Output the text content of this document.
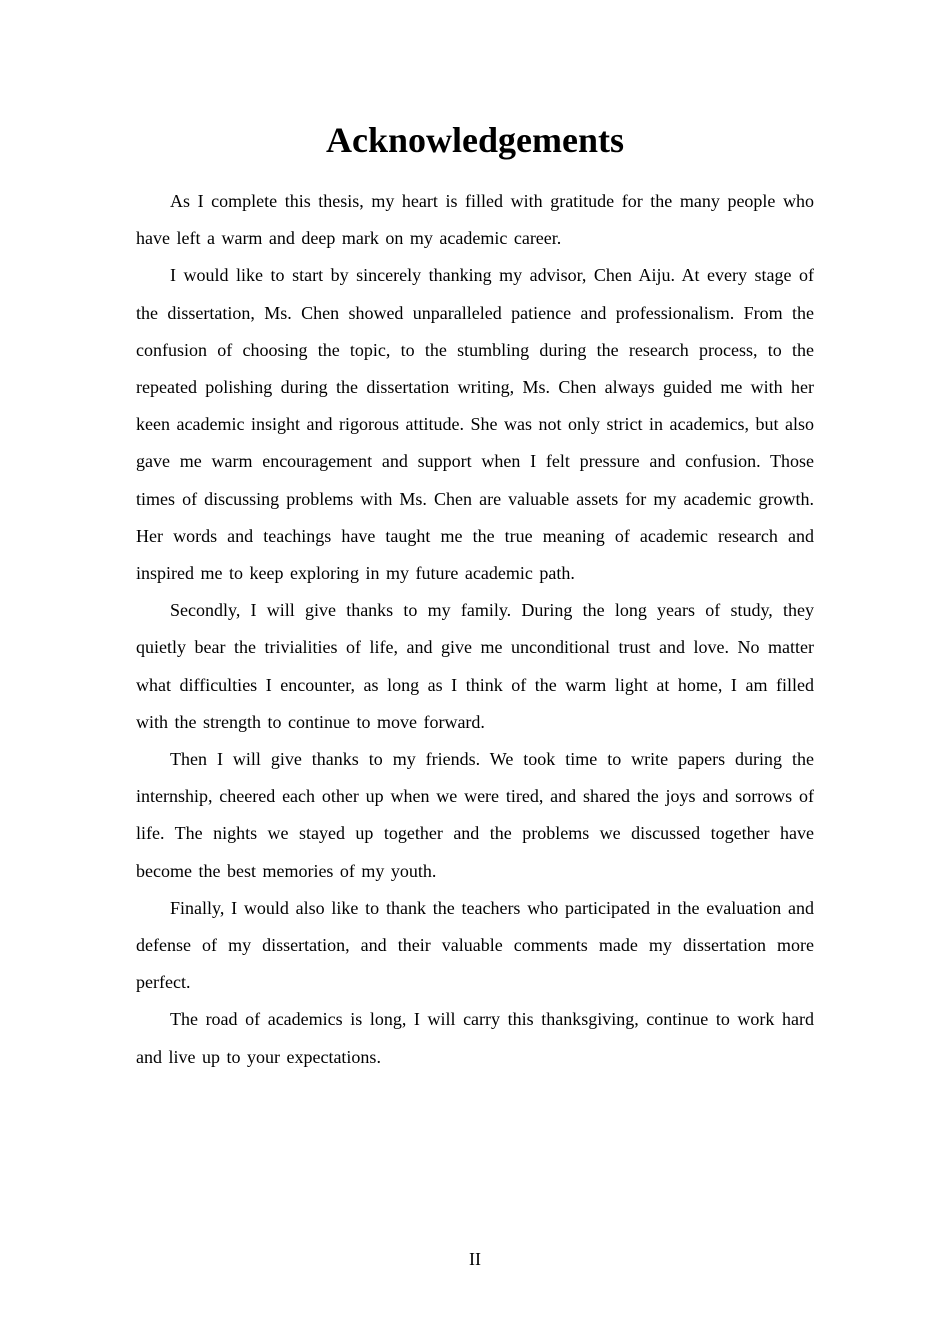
Acknowledgements

As I complete this thesis, my heart is filled with gratitude for the many people who have left a warm and deep mark on my academic career.

I would like to start by sincerely thanking my advisor, Chen Aiju. At every stage of the dissertation, Ms. Chen showed unparalleled patience and professionalism. From the confusion of choosing the topic, to the stumbling during the research process, to the repeated polishing during the dissertation writing, Ms. Chen always guided me with her keen academic insight and rigorous attitude. She was not only strict in academics, but also gave me warm encouragement and support when I felt pressure and confusion. Those times of discussing problems with Ms. Chen are valuable assets for my academic growth. Her words and teachings have taught me the true meaning of academic research and inspired me to keep exploring in my future academic path.

Secondly, I will give thanks to my family. During the long years of study, they quietly bear the trivialities of life, and give me unconditional trust and love. No matter what difficulties I encounter, as long as I think of the warm light at home, I am filled with the strength to continue to move forward.

Then I will give thanks to my friends. We took time to write papers during the internship, cheered each other up when we were tired, and shared the joys and sorrows of life. The nights we stayed up together and the problems we discussed together have become the best memories of my youth.

Finally, I would also like to thank the teachers who participated in the evaluation and defense of my dissertation, and their valuable comments made my dissertation more perfect.

The road of academics is long, I will carry this thanksgiving, continue to work hard and live up to your expectations.

II
